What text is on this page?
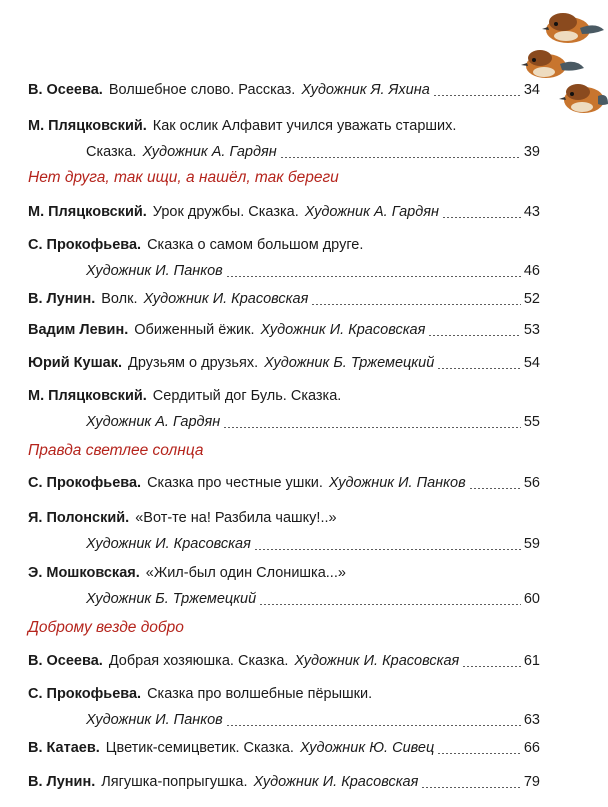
В. Осеева. Волшебное слово. Рассказ. Художник Я. Яхина	34
М. Пляцковский. Как ослик Алфавит учился уважать старших.
Сказка. Художник А. Гардян	39
Нет друга, так ищи, а нашёл, так береги
М. Пляцковский. Урок дружбы. Сказка. Художник А. Гардян	43
С. Прокофьева. Сказка о самом большом друге.
Художник И. Панков	46
В. Лунин. Волк. Художник И. Красовская	52
Вадим Левин. Обиженный ёжик. Художник И. Красовская	53
Юрий Кушак. Друзьям о друзьях. Художник Б. Тржемецкий	54
М. Пляцковский. Сердитый дог Буль. Сказка.
Художник А. Гардян	55
Правда светлее солнца
С. Прокофьева. Сказка про честные ушки. Художник И. Панков	56
Я. Полонский. «Вот-те на! Разбила чашку!..»
Художник И. Красовская	59
Э. Мошковская. «Жил-был один Слонишка...»
Художник Б. Тржемецкий	60
Доброму везде добро
В. Осеева. Добрая хозяюшка. Сказка. Художник И. Красовская	61
С. Прокофьева. Сказка про волшебные пёрышки.
Художник И. Панков	63
В. Катаев. Цветик-семицветик. Сказка. Художник Ю. Сивец	66
В. Лунин. Лягушка-попрыгушка. Художник И. Красовская	79
